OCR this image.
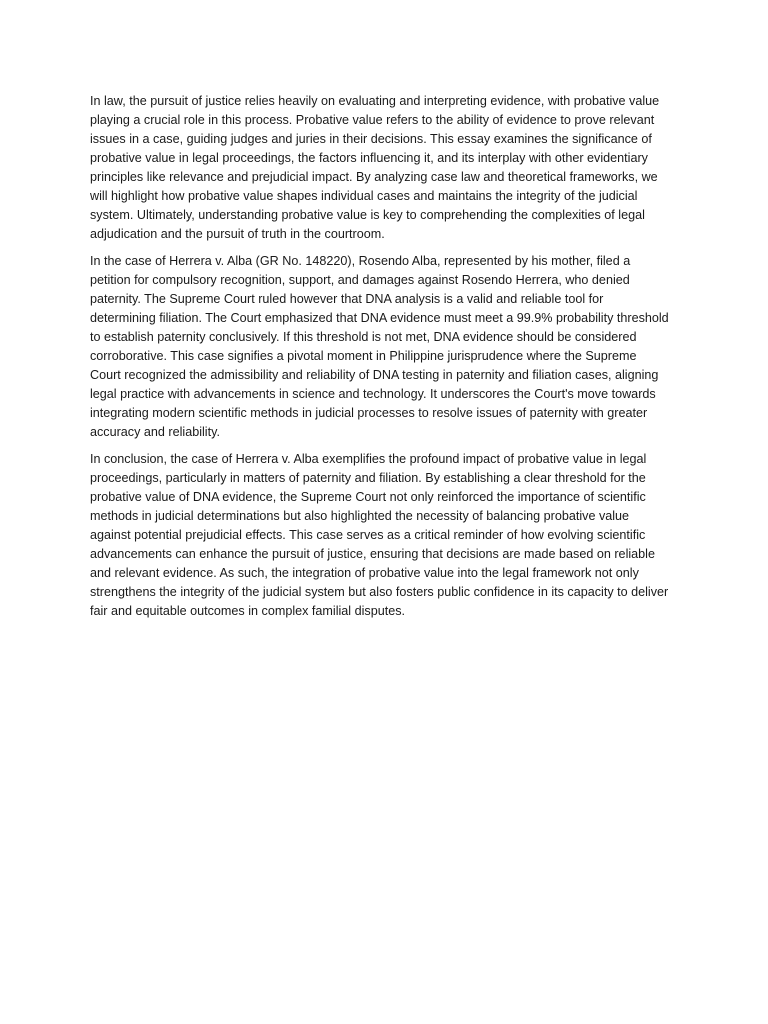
In law, the pursuit of justice relies heavily on evaluating and interpreting evidence, with probative value playing a crucial role in this process. Probative value refers to the ability of evidence to prove relevant issues in a case, guiding judges and juries in their decisions. This essay examines the significance of probative value in legal proceedings, the factors influencing it, and its interplay with other evidentiary principles like relevance and prejudicial impact. By analyzing case law and theoretical frameworks, we will highlight how probative value shapes individual cases and maintains the integrity of the judicial system. Ultimately, understanding probative value is key to comprehending the complexities of legal adjudication and the pursuit of truth in the courtroom.

In the case of Herrera v. Alba (GR No. 148220), Rosendo Alba, represented by his mother, filed a petition for compulsory recognition, support, and damages against Rosendo Herrera, who denied paternity. The Supreme Court ruled however that DNA analysis is a valid and reliable tool for determining filiation. The Court emphasized that DNA evidence must meet a 99.9% probability threshold to establish paternity conclusively. If this threshold is not met, DNA evidence should be considered corroborative. This case signifies a pivotal moment in Philippine jurisprudence where the Supreme Court recognized the admissibility and reliability of DNA testing in paternity and filiation cases, aligning legal practice with advancements in science and technology. It underscores the Court's move towards integrating modern scientific methods in judicial processes to resolve issues of paternity with greater accuracy and reliability.

In conclusion, the case of Herrera v. Alba exemplifies the profound impact of probative value in legal proceedings, particularly in matters of paternity and filiation. By establishing a clear threshold for the probative value of DNA evidence, the Supreme Court not only reinforced the importance of scientific methods in judicial determinations but also highlighted the necessity of balancing probative value against potential prejudicial effects. This case serves as a critical reminder of how evolving scientific advancements can enhance the pursuit of justice, ensuring that decisions are made based on reliable and relevant evidence. As such, the integration of probative value into the legal framework not only strengthens the integrity of the judicial system but also fosters public confidence in its capacity to deliver fair and equitable outcomes in complex familial disputes.
